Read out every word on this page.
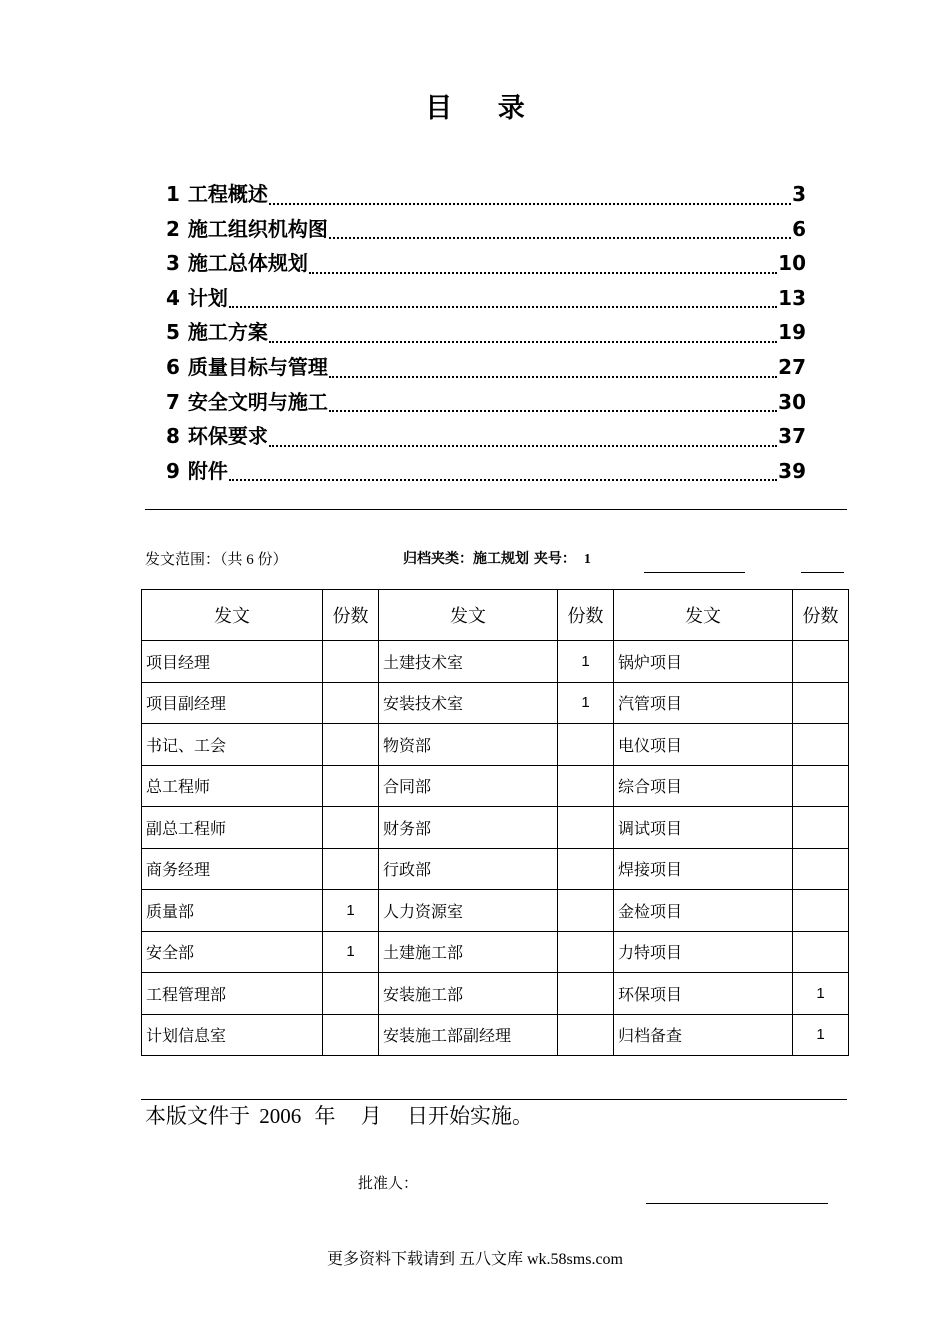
目 录
1 工程概述	3
2 施工组织机构图	6
3 施工总体规划	10
4 计划	13
5 施工方案	19
6 质量目标与管理	27
7 安全文明与施工	30
8 环保要求	37
9 附件	39
发文范围：（共 6 份）	归档夹类：施工规划 夹号： 1
发文	份数	发文	份数	发文	份数
项目经理		土建技术室	1	锅炉项目	
项目副经理		安装技术室	1	汽管项目	
书记、工会		物资部		电仪项目	
总工程师		合同部		综合项目	
副总工程师		财务部		调试项目	
商务经理		行政部		焊接项目	
质量部	1	人力资源室		金检项目	
安全部	1	土建施工部		力特项目	
工程管理部		安装施工部		环保项目	1
计划信息室		安装施工部副经理		归档备查	1
本版文件于 2006 年 月 日开始实施。
批准人：
更多资料下载请到 五八文库 wk.58sms.com
